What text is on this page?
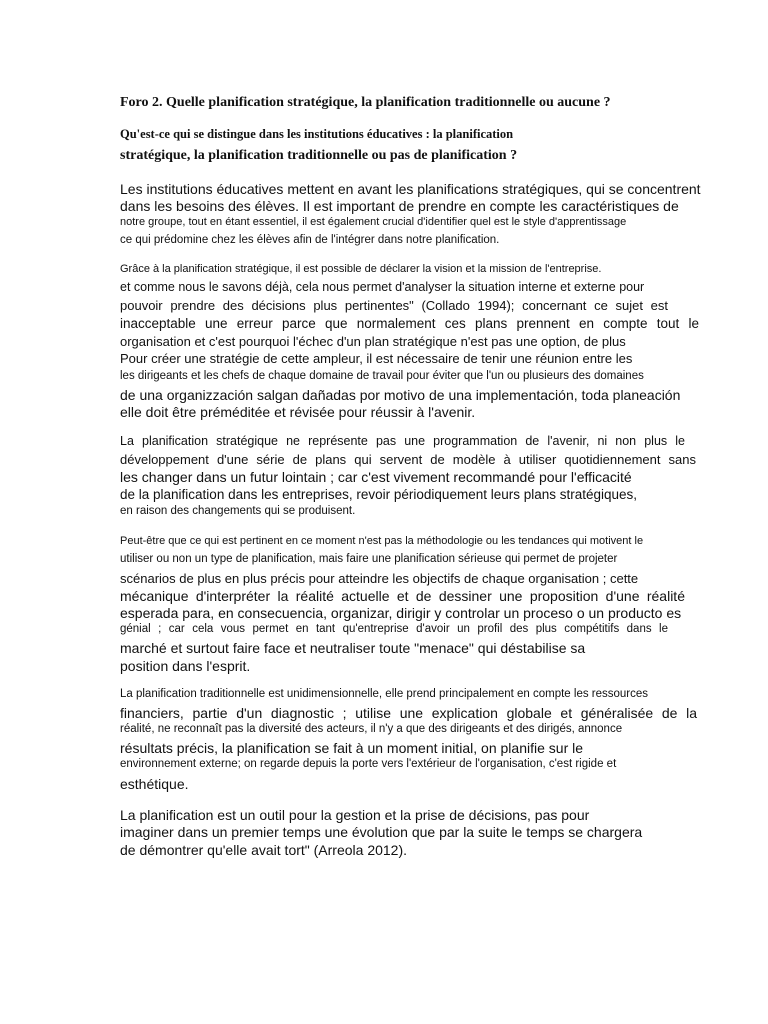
Foro 2. Quelle planification stratégique, la planification traditionnelle ou aucune ?
Qu'est-ce qui se distingue dans les institutions éducatives : la planification
stratégique, la planification traditionnelle ou pas de planification ?
Les institutions éducatives mettent en avant les planifications stratégiques, qui se concentrent
dans les besoins des élèves. Il est important de prendre en compte les caractéristiques de
notre groupe, tout en étant essentiel, il est également crucial d'identifier quel est le style d'apprentissage
ce qui prédomine chez les élèves afin de l'intégrer dans notre planification.
Grâce à la planification stratégique, il est possible de déclarer la vision et la mission de l'entreprise.
et comme nous le savons déjà, cela nous permet d'analyser la situation interne et externe pour
pouvoir prendre des décisions plus pertinentes" (Collado 1994); concernant ce sujet est
inacceptable une erreur parce que normalement ces plans prennent en compte tout le
organisation et c'est pourquoi l'échec d'un plan stratégique n'est pas une option, de plus
Pour créer une stratégie de cette ampleur, il est nécessaire de tenir une réunion entre les
les dirigeants et les chefs de chaque domaine de travail pour éviter que l'un ou plusieurs des domaines
de una organizzación salgan dañadas por motivo de una implementación, toda planeación
elle doit être préméditée et révisée pour réussir à l'avenir.
La planification stratégique ne représente pas une programmation de l'avenir, ni non plus le
développement d'une série de plans qui servent de modèle à utiliser quotidiennement sans
les changer dans un futur lointain ; car c'est vivement recommandé pour l'efficacité
de la planification dans les entreprises, revoir périodiquement leurs plans stratégiques,
en raison des changements qui se produisent.
Peut-être que ce qui est pertinent en ce moment n'est pas la méthodologie ou les tendances qui motivent le
utiliser ou non un type de planification, mais faire une planification sérieuse qui permet de projeter
scénarios de plus en plus précis pour atteindre les objectifs de chaque organisation ; cette
mécanique d'interpréter la réalité actuelle et de dessiner une proposition d'une réalité
esperada para, en consecuencia, organizar, dirigir y controlar un proceso o un producto es
génial ; car cela vous permet en tant qu'entreprise d'avoir un profil des plus compétitifs dans le
marché et surtout faire face et neutraliser toute "menace" qui déstabilise sa
position dans l'esprit.
La planification traditionnelle est unidimensionnelle, elle prend principalement en compte les ressources
financiers, partie d'un diagnostic ; utilise une explication globale et généralisée de la
réalité, ne reconnaît pas la diversité des acteurs, il n'y a que des dirigeants et des dirigés, annonce
résultats précis, la planification se fait à un moment initial, on planifie sur le
environnement externe; on regarde depuis la porte vers l'extérieur de l'organisation, c'est rigide et
esthétique.
La planification est un outil pour la gestion et la prise de décisions, pas pour
imaginer dans un premier temps une évolution que par la suite le temps se chargera
de démontrer qu'elle avait tort" (Arreola 2012).
